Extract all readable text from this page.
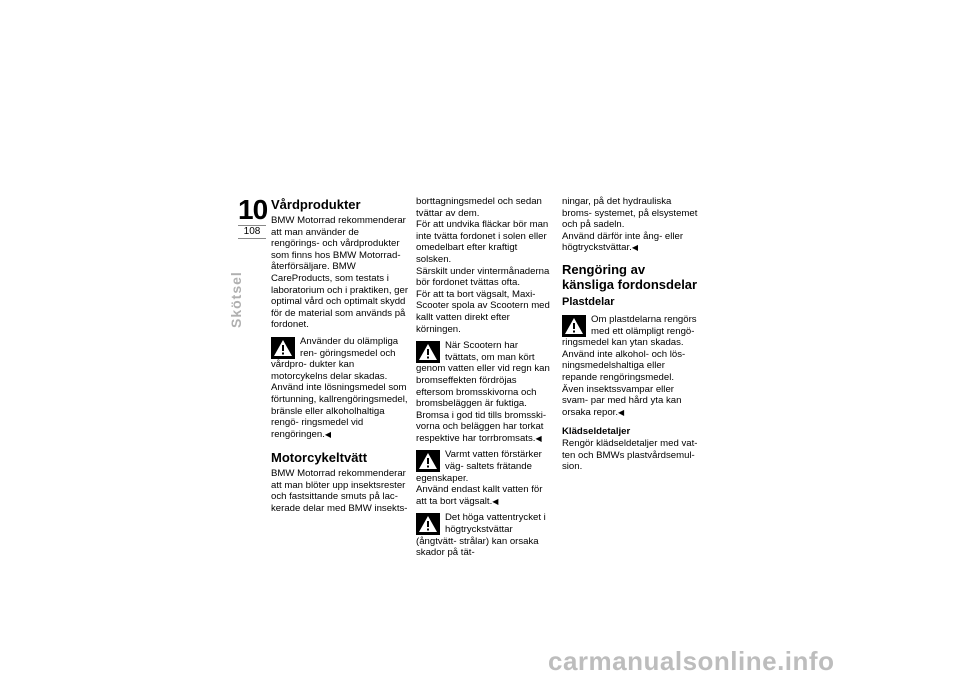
10
108
Skötsel
Vårdprodukter

BMW Motorrad rekommenderar att man använder de rengörings- och vårdprodukter som finns hos BMW Motorrad-återförsäljare. BMW CareProducts, som testats i laboratorium och i praktiken, ger optimal vård och optimalt skydd för de material som används på fordonet.

Använder du olämpliga ren- göringsmedel och vårdpro- dukter kan motorcykelns delar skadas.

Använd inte lösningsmedel som förtunning, kallrengöringsmedel, bränsle eller alkoholhaltiga rengö- ringsmedel vid rengöringen.◀

Motorcykeltvätt

BMW Motorrad rekommenderar att man blöter upp insektsrester och fastsittande smuts på lac- kerade delar med BMW insekts-

borttagningsmedel och sedan tvättar av dem.

För att undvika fläckar bör man inte tvätta fordonet i solen eller omedelbart efter kraftigt solsken.

Särskilt under vintermånaderna bör fordonet tvättas ofta.

För att ta bort vägsalt, Maxi- Scooter spola av Scootern med kallt vatten direkt efter körningen.

När Scootern har tvättats, om man kört genom vatten eller vid regn kan bromseffekten fördröjas eftersom bromsskivorna och bromsbeläggen är fuktiga.

Bromsa i god tid tills bromsski- vorna och beläggen har torkat respektive har torrbromsats.◀

Varmt vatten förstärker väg- saltets frätande egenskaper.

Använd endast kallt vatten för att ta bort vägsalt.◀

Det höga vattentrycket i högtryckstvättar (ångtvätt- strålar) kan orsaka skador på tät-

ningar, på det hydrauliska broms- systemet, på elsystemet och på sadeln.

Använd därför inte ång- eller högtryckstvättar.◀

Rengöring av känsliga fordonsdelar
Plastdelar

Om plastdelarna rengörs med ett olämpligt rengö- ringsmedel kan ytan skadas.

Använd inte alkohol- och lös- ningsmedelshaltiga eller repande rengöringsmedel.

Även insektssvampar eller svam- par med hård yta kan orsaka repor.◀

Klädseldetaljer

Rengör klädseldetaljer med vat- ten och BMWs plastvårdsemul- sion.

carmanualsonline.info
